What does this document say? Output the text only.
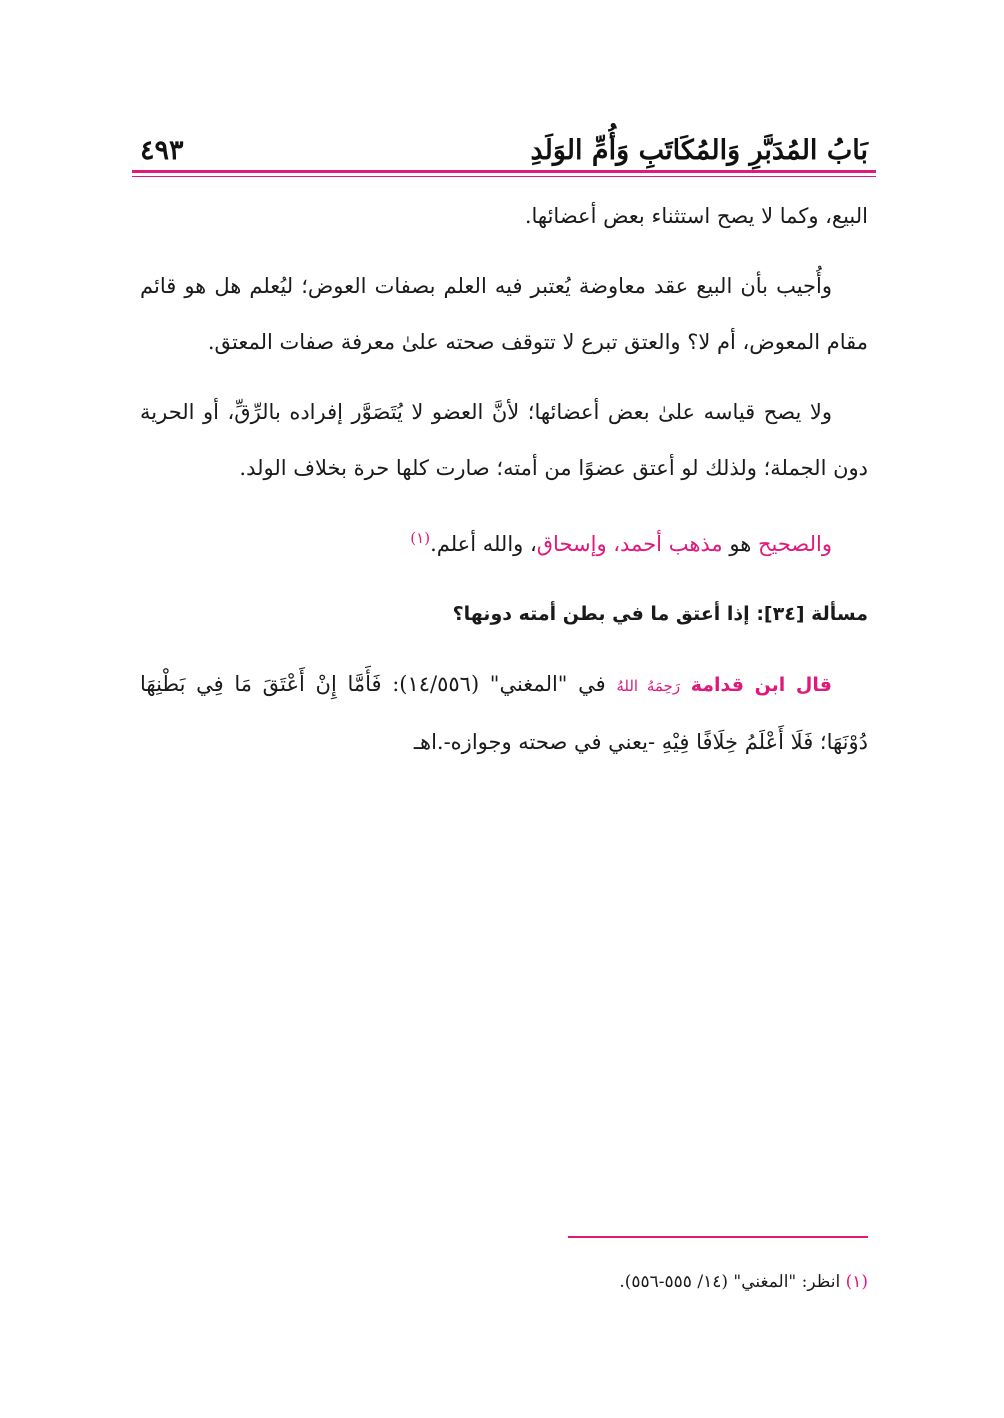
بَابُ المُدَبَّرِ وَالمُكَاتَبِ وَأُمِّ الوَلَدِ
٤٩٣

البيع، وكما لا يصح استثناء بعض أعضائها.

وأُجيب بأن البيع عقد معاوضة يُعتبر فيه العلم بصفات العوض؛ ليُعلم هل هو قائم مقام المعوض، أم لا؟ والعتق تبرع لا تتوقف صحته علىٰ معرفة صفات المعتق.

ولا يصح قياسه علىٰ بعض أعضائها؛ لأنَّ العضو لا يُتَصَوَّر إفراده بالرِّقِّ، أو الحرية دون الجملة؛ ولذلك لو أعتق عضوًا من أمته؛ صارت كلها حرة بخلاف الولد.

والصحيح هو مذهب أحمد، وإسحاق، والله أعلم.$^{(١)}$

مسألة [٣٤]: إذا أعتق ما في بطن أمته دونها؟

قال ابن قدامة رَحِمَهُ اللهُ في "المغني" (١٤/٥٥٦): فَأَمَّا إِنْ أَعْتَقَ مَا فِي بَطْنِهَا دُوْنَهَا؛ فَلَا أَعْلَمُ خِلَافًا فِيْهِ -يعني في صحته وجوازه-.اهـ

(١) انظر: "المغني" (١٤/ ٥٥٥-٥٥٦).
